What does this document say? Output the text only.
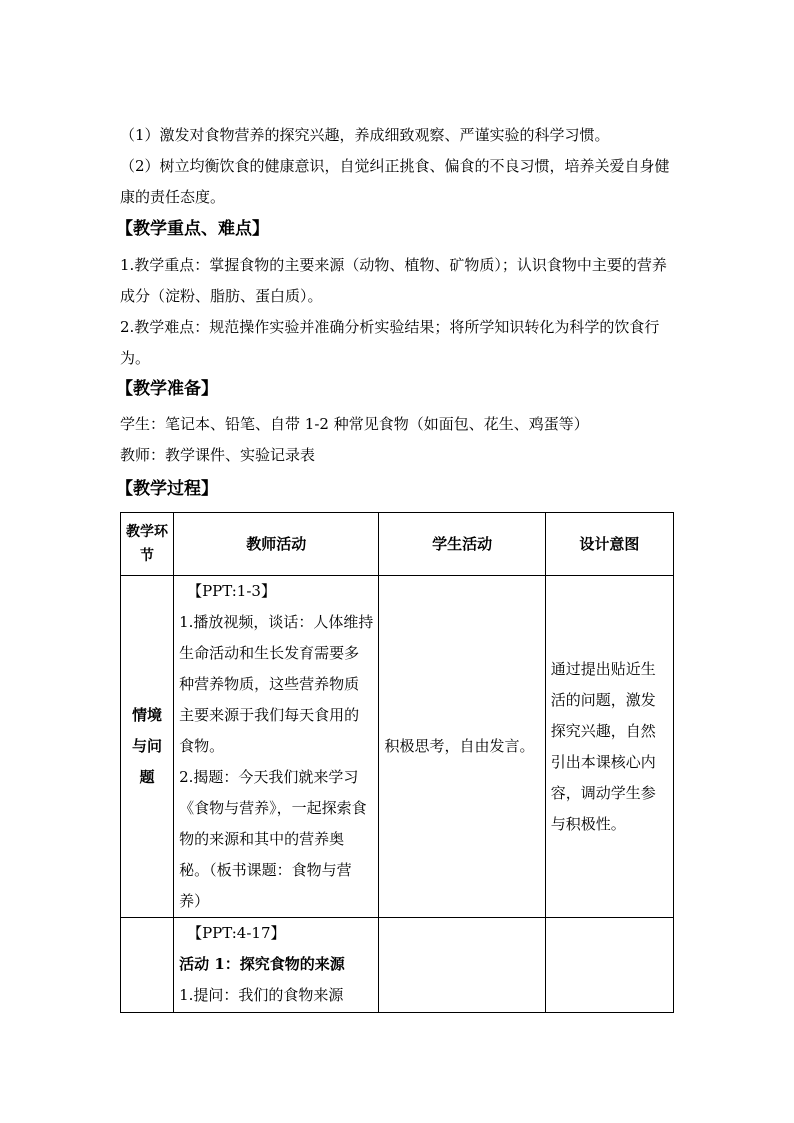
（1）激发对食物营养的探究兴趣，养成细致观察、严谨实验的科学习惯。

（2）树立均衡饮食的健康意识，自觉纠正挑食、偏食的不良习惯，培养关爱自身健康的责任态度。

【教学重点、难点】

1.教学重点：掌握食物的主要来源（动物、植物、矿物质）；认识食物中主要的营养成分（淀粉、脂肪、蛋白质）。

2.教学难点：规范操作实验并准确分析实验结果；将所学知识转化为科学的饮食行为。

【教学准备】

学生：笔记本、铅笔、自带 1-2 种常见食物（如面包、花生、鸡蛋等）

教师：教学课件、实验记录表

【教学过程】

教学环节	教师活动	学生活动	设计意图
情境与问题	【PPT:1-3】
1.播放视频，谈话：人体维持生命活动和生长发育需要多种营养物质，这些营养物质主要来源于我们每天食用的食物。
2.揭题：今天我们就来学习《食物与营养》，一起探索食物的来源和其中的营养奥秘。（板书课题：食物与营养）	积极思考，自由发言。	通过提出贴近生活的问题，激发探究兴趣，自然引出本课核心内容，调动学生参与积极性。

	【PPT:4-17】
活动 1：探究食物的来源
1.提问：我们的食物来源		
